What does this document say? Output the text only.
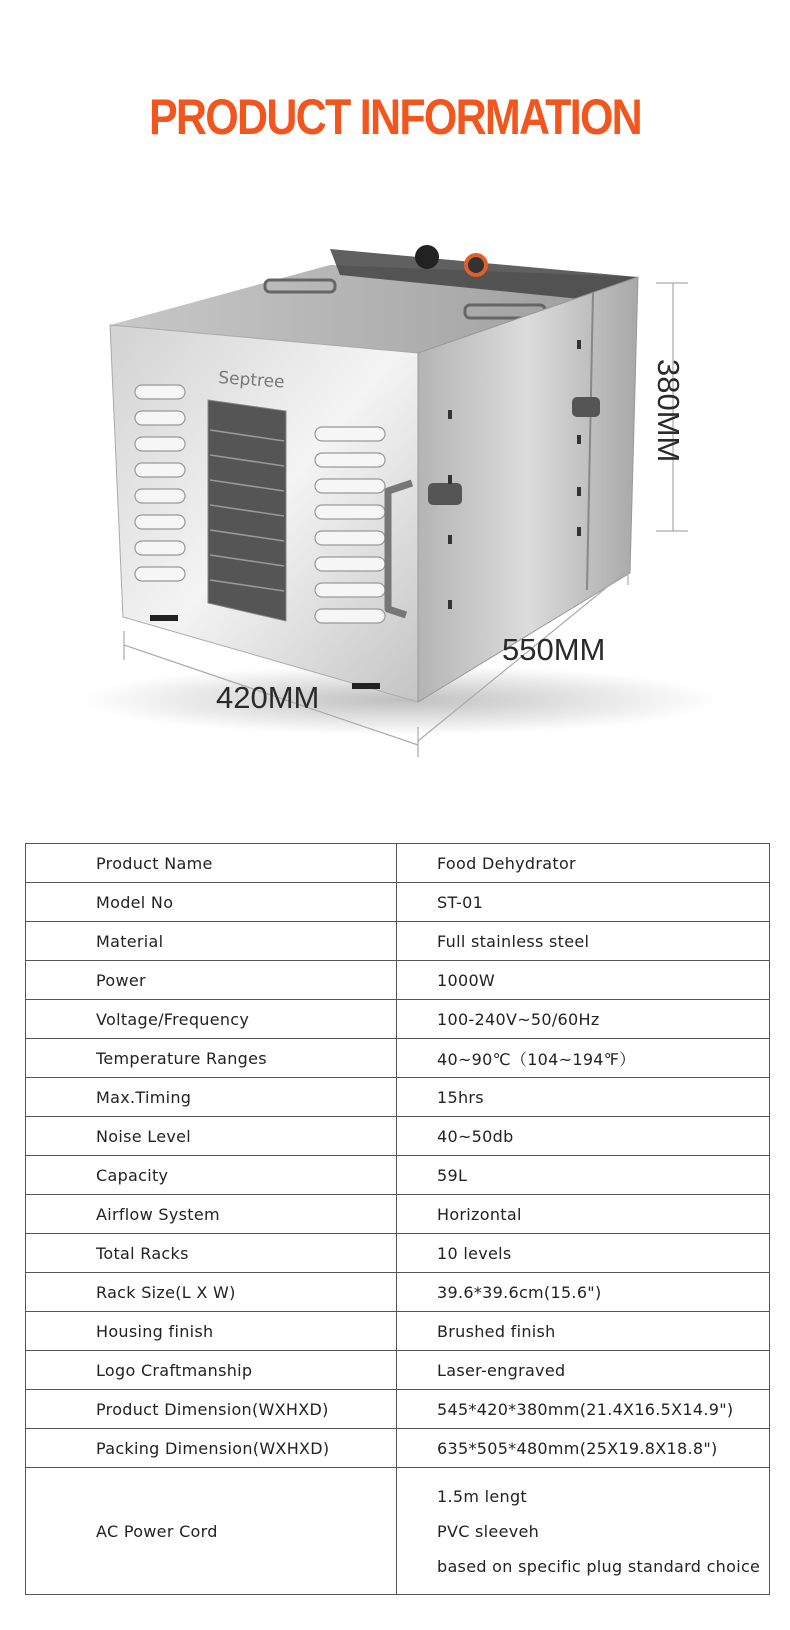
PRODUCT INFORMATION
Septree	380MM
550MM
420MM
Product Name	Food Dehydrator
Model No	ST-01
Material	Full stainless steel
Power	1000W
Voltage/Frequency	100-240V~50/60Hz
Temperature Ranges	40~90℃（104~194℉）
Max.Timing	15hrs
Noise Level	40~50db
Capacity	59L
Airflow System	Horizontal
Total Racks	10 levels
Rack Size(L X W)	39.6*39.6cm(15.6")
Housing finish	Brushed finish
Logo Craftmanship	Laser-engraved
Product Dimension(WXHXD)	545*420*380mm(21.4X16.5X14.9")
Packing Dimension(WXHXD)	635*505*480mm(25X19.8X18.8")
AC Power Cord	1.5m lengt
PVC sleeveh
based on specific plug standard choice
